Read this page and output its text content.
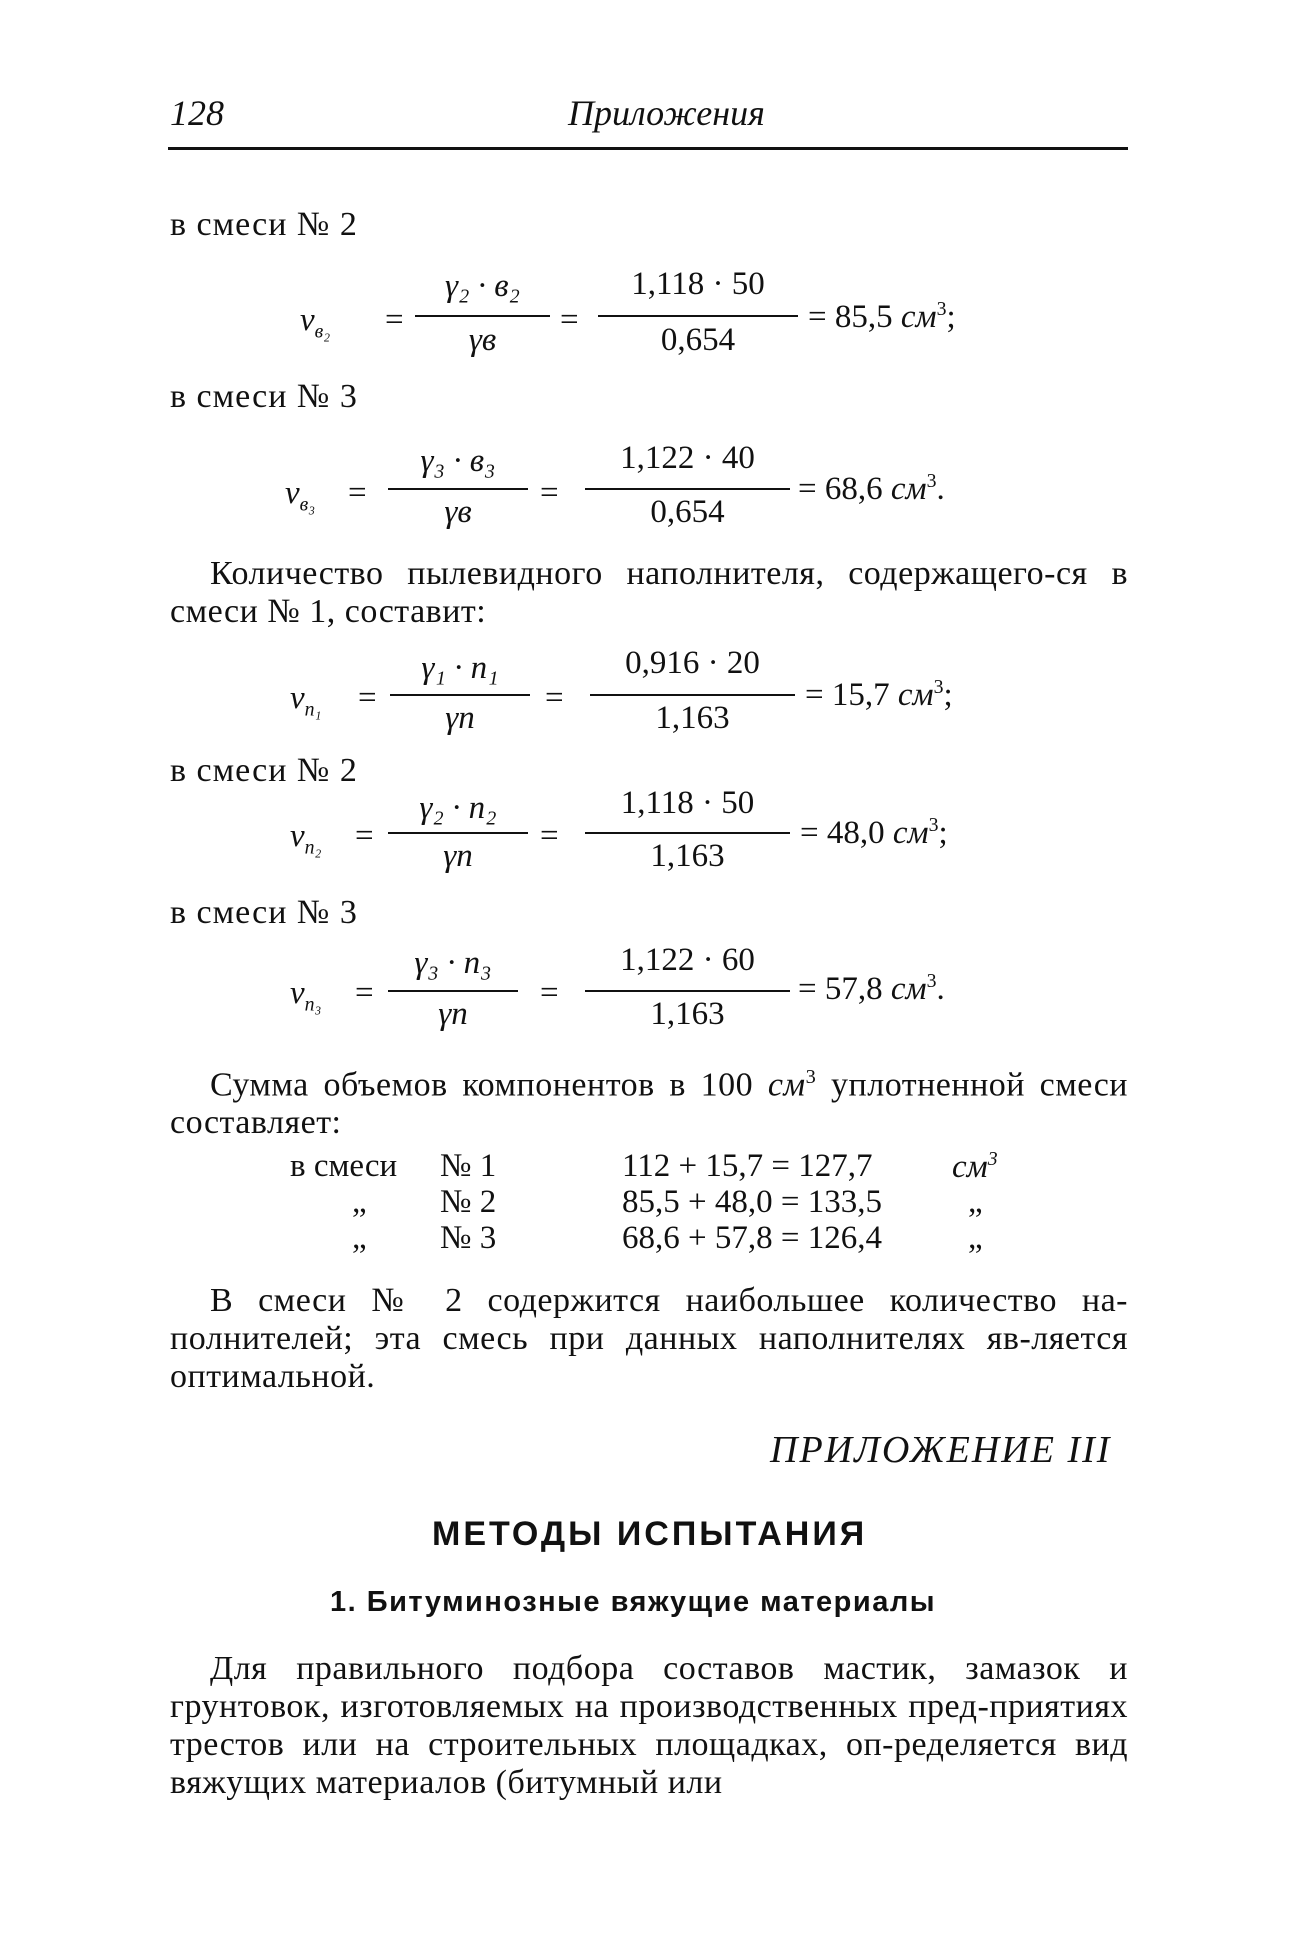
128	Приложения
в смеси № 2
$v_{в_2}$ =
γ₂ · в₂
γв
=
1,118 · 50
0,654
= 85,5 $см^3$;
в смеси № 3
$v_{в_3}$ =
γ₃ · в₃
γв
=
1,122 · 40
0,654
= 68,6 $см^3$.
Количество пылевидного наполнителя, содержащего-ся в смеси № 1, составит:
$v_{n_1}$ =
γ₁ · n₁
γn
=
0,916 · 20
1,163
= 15,7 $см^3$;
в смеси № 2
$v_{n_2}$ =
γ₂ · n₂
γn
=
1,118 · 50
1,163
= 48,0 $см^3$;
в смеси № 3
$v_{n_3}$ =
γ₃ · n₃
γn
=
1,122 · 60
1,163
= 57,8 $см^3$.
Сумма объемов компонентов в 100 $см^3$ уплотненной смеси составляет:
в смеси	№ 1	112 + 15,7 = 127,7 $см^3$
„	№ 2	85,5 + 48,0 = 133,5	„
„	№ 3	68,6 + 57,8 = 126,4	„
В смеси № 2 содержится наибольшее количество на-полнителей; эта смесь при данных наполнителях яв-ляется оптимальной.
ПРИЛОЖЕНИЕ III
МЕТОДЫ ИСПЫТАНИЯ
1. Битуминозные вяжущие материалы
Для правильного подбора составов мастик, замазок и грунтовок, изготовляемых на производственных пред-приятиях трестов или на строительных площадках, оп-ределяется вид вяжущих материалов (битумный или
